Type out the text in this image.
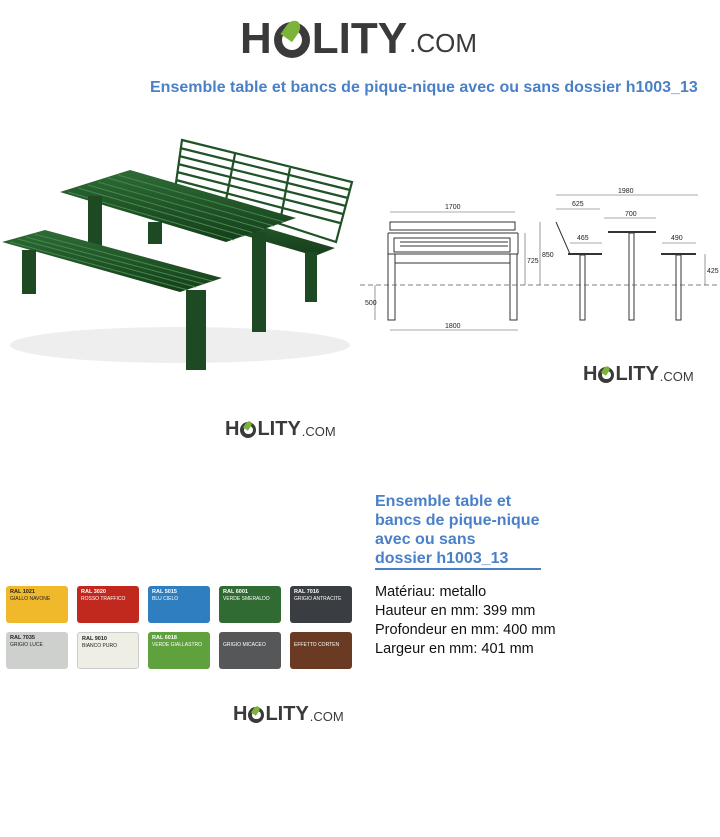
H LITY .COM
Ensemble table et bancs de pique-nique avec ou sans dossier h1003_13
1700
1980
625
700
465	490
725
850
425
500
1800
H LITY .COM
H LITY .COM
Ensemble table et
bancs de pique-nique
avec ou sans
dossier h1003_13
Matériau: metallo
Hauteur en mm: 399 mm
Profondeur en mm: 400 mm
Largeur en mm: 401 mm
RAL 1021
GIALLO NAVONE
RAL 3020
ROSSO TRAFFICO
RAL 5015
BLU CIELO
RAL 6001
VERDE SMERALDO
RAL 7016
GRIGIO ANTRACITE
RAL 7035
GRIGIO LUCE
RAL 9010
BIANCO PURO
RAL 6018
VERDE GIALLASTRO	GRIGIO MICACEO	EFFETTO CORTEN
H LITY .COM
